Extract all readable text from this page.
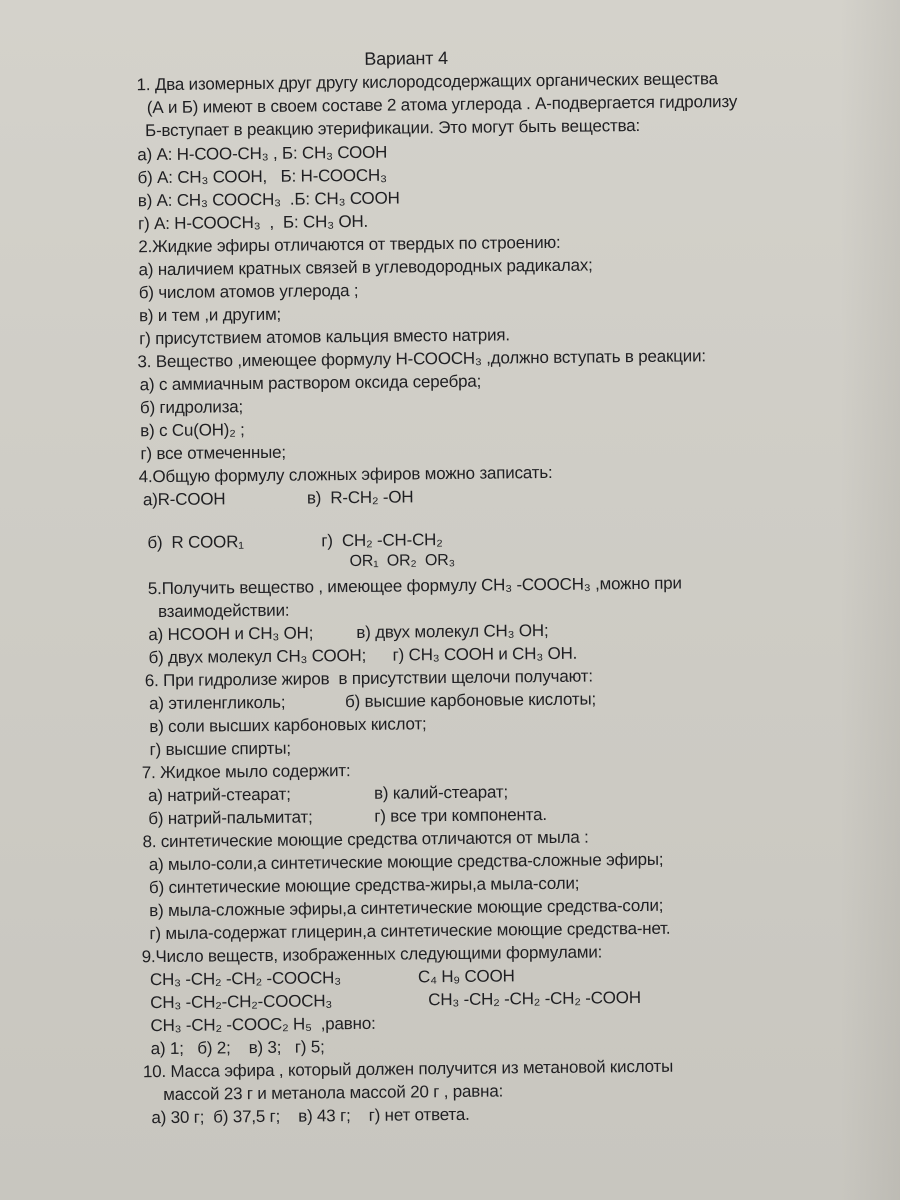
Вариант 4
1. Два изомерных друг другу кислородсодержащих органических вещества
(А и Б) имеют в своем составе 2 атома углерода . А-подвергается гидролизу
Б-вступает в реакцию этерификации. Это могут быть вещества:
а) А: Н-СОО-СН₃ , Б: СН₃ СООН
б) А: СН₃ СООН,   Б: Н-СООСН₃
в) А: СН₃ СООСН₃  .Б: СН₃ СООН
г) А: Н-СООСН₃  ,  Б: СН₃ ОН.
2.Жидкие эфиры отличаются от твердых по строению:
а) наличием кратных связей в углеводородных радикалах;
б) числом атомов углерода ;
в) и тем ,и другим;
г) присутствием атомов кальция вместо натрия.
3. Вещество ,имеющее формулу Н-СООСН₃ ,должно вступать в реакции:
а) с аммиачным раствором оксида серебра;
б) гидролиза;
в) с Cu(OH)₂ ;
г) все отмеченные;
4.Общую формулу сложных эфиров можно записать:
а)R-COOH	в)  R-CH₂ -OH
б)  R COOR₁	г)  CH₂ -CH-CH₂
OR₁  OR₂  OR₃
5.Получить вещество , имеющее формулу СН₃ -СООСН₃ ,можно при
взаимодействии:
а) HCOOH и CH₃ OH;	в) двух молекул СН₃ ОН;
б) двух молекул СН₃ СООН; г) СН₃ СООН и СН₃ ОН.
6. При гидролизе жиров  в присутствии щелочи получают:
а) этиленгликоль;	б) высшие карбоновые кислоты;
в) соли высших карбоновых кислот;
г) высшие спирты;
7. Жидкое мыло содержит:
а) натрий-стеарат;	в) калий-стеарат;
б) натрий-пальмитат;	г) все три компонента.
8. синтетические моющие средства отличаются от мыла :
а) мыло-соли,а синтетические моющие средства-сложные эфиры;
б) синтетические моющие средства-жиры,а мыла-соли;
в) мыла-сложные эфиры,а синтетические моющие средства-соли;
г) мыла-содержат глицерин,а синтетические моющие средства-нет.
9.Число веществ, изображенных следующими формулами:
CH₃ -CH₂ -CH₂ -COOCH₃	C₄ H₉ COOH
CH₃ -CH₂-CH₂-COOCH₃	CH₃ -CH₂ -CH₂ -CH₂ -COOH
CH₃ -CH₂ -COOC₂ H₅  ,равно:
а) 1;   б) 2;    в) 3;   г) 5;
10. Масса эфира , который должен получится из метановой кислоты
массой 23 г и метанола массой 20 г , равна:
а) 30 г;  б) 37,5 г;    в) 43 г;    г) нет ответа.
